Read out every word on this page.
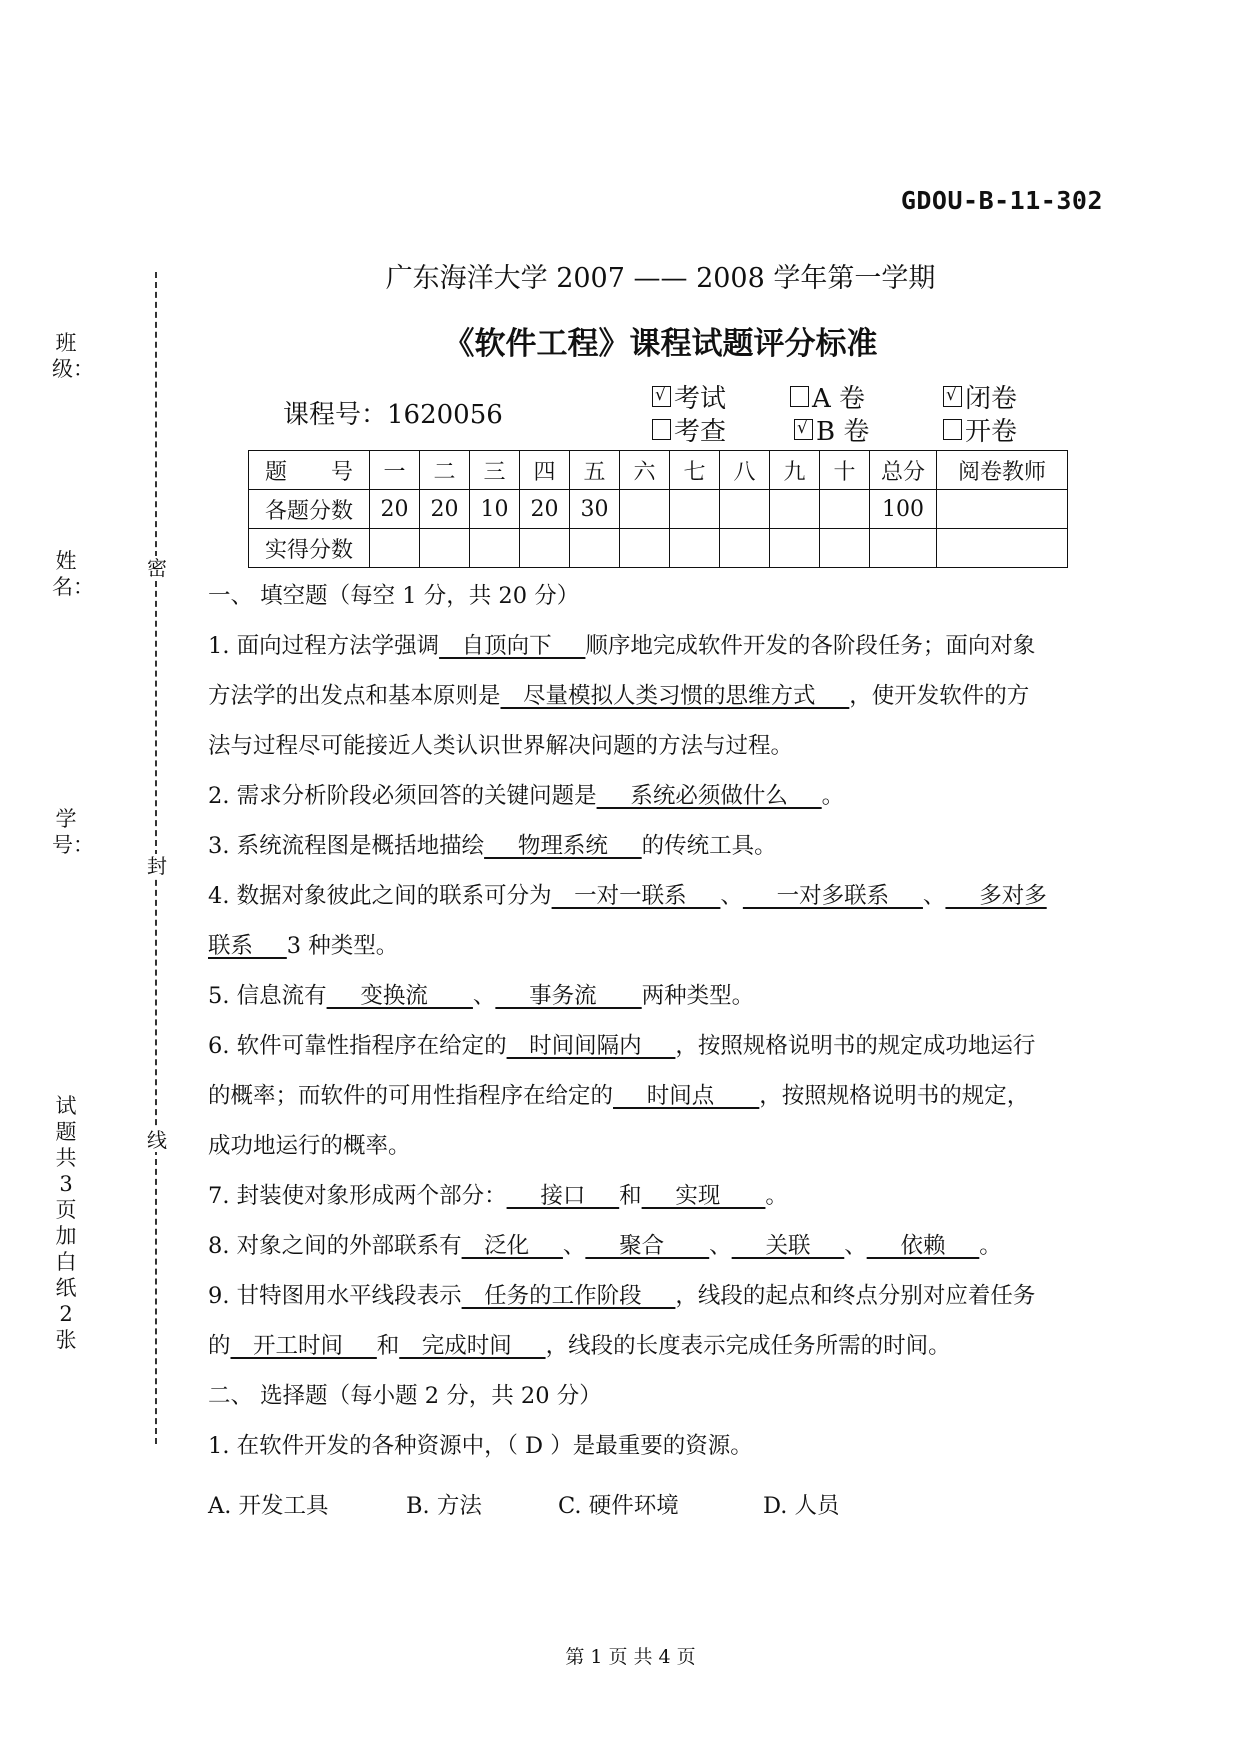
GDOU-B-11-302
班级：
姓名：
学号：
试题共 3 页　加白纸 2 张
密
封
线
广东海洋大学 2007 —— 2008 学年第一学期
《软件工程》课程试题评分标准
课程号：1620056
√ 考试
考查
A 卷
√ B 卷
√ 闭卷
开卷
题　　号	一	二	三	四	五	六	七	八	九	十	总分	阅卷教师
各题分数	20	20	10	20	30						100	
实得分数												

一、 填空题（每空 1 分，共 20 分）

1. 面向过程方法学强调__自顶向下___顺序地完成软件开发的各阶段任务；面向对象

方法学的出发点和基本原则是__尽量模拟人类习惯的思维方式___，使开发软件的方

法与过程尽可能接近人类认识世界解决问题的方法与过程。

2. 需求分析阶段必须回答的关键问题是___系统必须做什么___。

3. 系统流程图是概括地描绘___物理系统___的传统工具。

4. 数据对象彼此之间的联系可分为__一对一联系___、___一对多联系___、___多对多

联系___3 种类型。

5. 信息流有___变换流____、___事务流____两种类型。

6. 软件可靠性指程序在给定的__时间间隔内___，按照规格说明书的规定成功地运行

的概率；而软件的可用性指程序在给定的___时间点____，按照规格说明书的规定，

成功地运行的概率。

7. 封装使对象形成两个部分：___接口___和___实现____。

8. 对象之间的外部联系有__泛化___、___聚合____、___关联___、___依赖___。

9. 甘特图用水平线段表示__任务的工作阶段___，线段的起点和终点分别对应着任务

的__开工时间___和__完成时间___，线段的长度表示完成任务所需的时间。

二、 选择题（每小题 2 分，共 20 分）

1. 在软件开发的各种资源中，（ D ）是最重要的资源。

A. 开发工具	B. 方法	C. 硬件环境	D. 人员
第 1 页 共 4 页
